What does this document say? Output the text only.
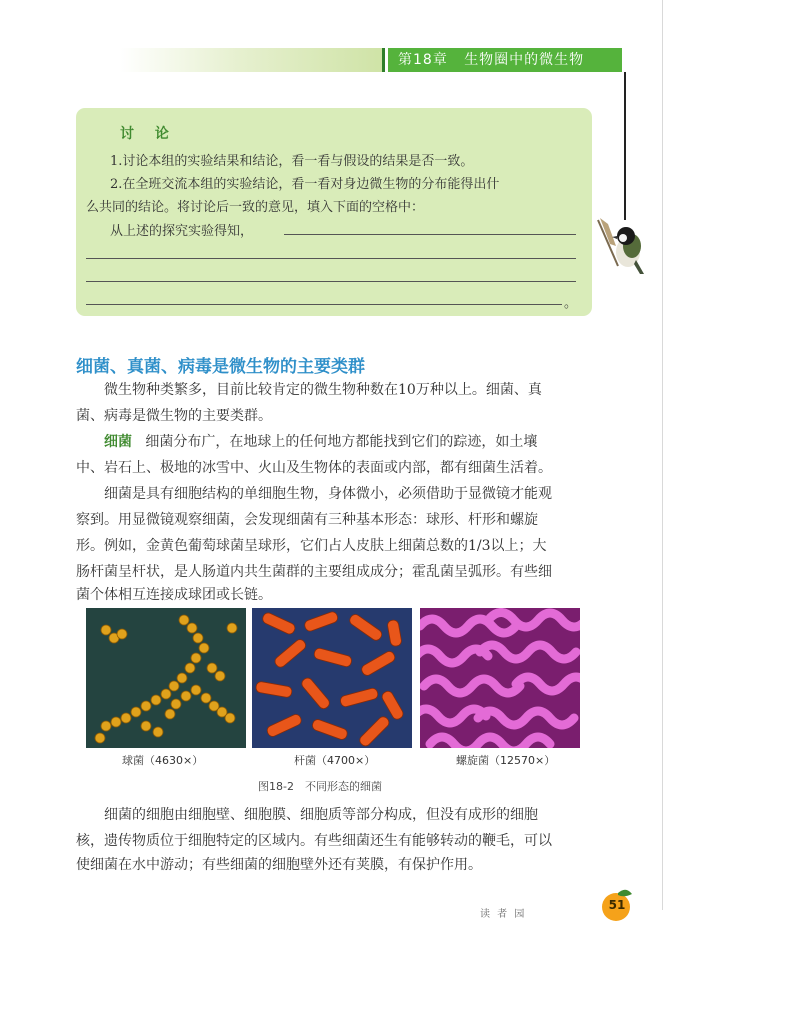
第18章 生物圈中的微生物
讨 论
1.讨论本组的实验结果和结论，看一看与假设的结果是否一致。
2.在全班交流本组的实验结论，看一看对身边微生物的分布能得出什
么共同的结论。将讨论后一致的意见，填入下面的空格中：
从上述的探究实验得知，
。
细菌、真菌、病毒是微生物的主要类群
微生物种类繁多，目前比较肯定的微生物种数在10万种以上。细菌、真
菌、病毒是微生物的主要类群。
细菌 细菌分布广，在地球上的任何地方都能找到它们的踪迹，如土壤
中、岩石上、极地的冰雪中、火山及生物体的表面或内部，都有细菌生活着。
细菌是具有细胞结构的单细胞生物，身体微小，必须借助于显微镜才能观
察到。用显微镜观察细菌，会发现细菌有三种基本形态：球形、杆形和螺旋
形。例如，金黄色葡萄球菌呈球形，它们占人皮肤上细菌总数的1/3以上；大
肠杆菌呈杆状，是人肠道内共生菌群的主要组成成分；霍乱菌呈弧形。有些细
菌个体相互连接成球团或长链。
球菌（4630×）	杆菌（4700×）	螺旋菌（12570×）
图18-2　不同形态的细菌
细菌的细胞由细胞壁、细胞膜、细胞质等部分构成，但没有成形的细胞
核，遗传物质位于细胞特定的区域内。有些细菌还生有能够转动的鞭毛，可以
使细菌在水中游动；有些细菌的细胞壁外还有荚膜，有保护作用。
51
读 者 园
